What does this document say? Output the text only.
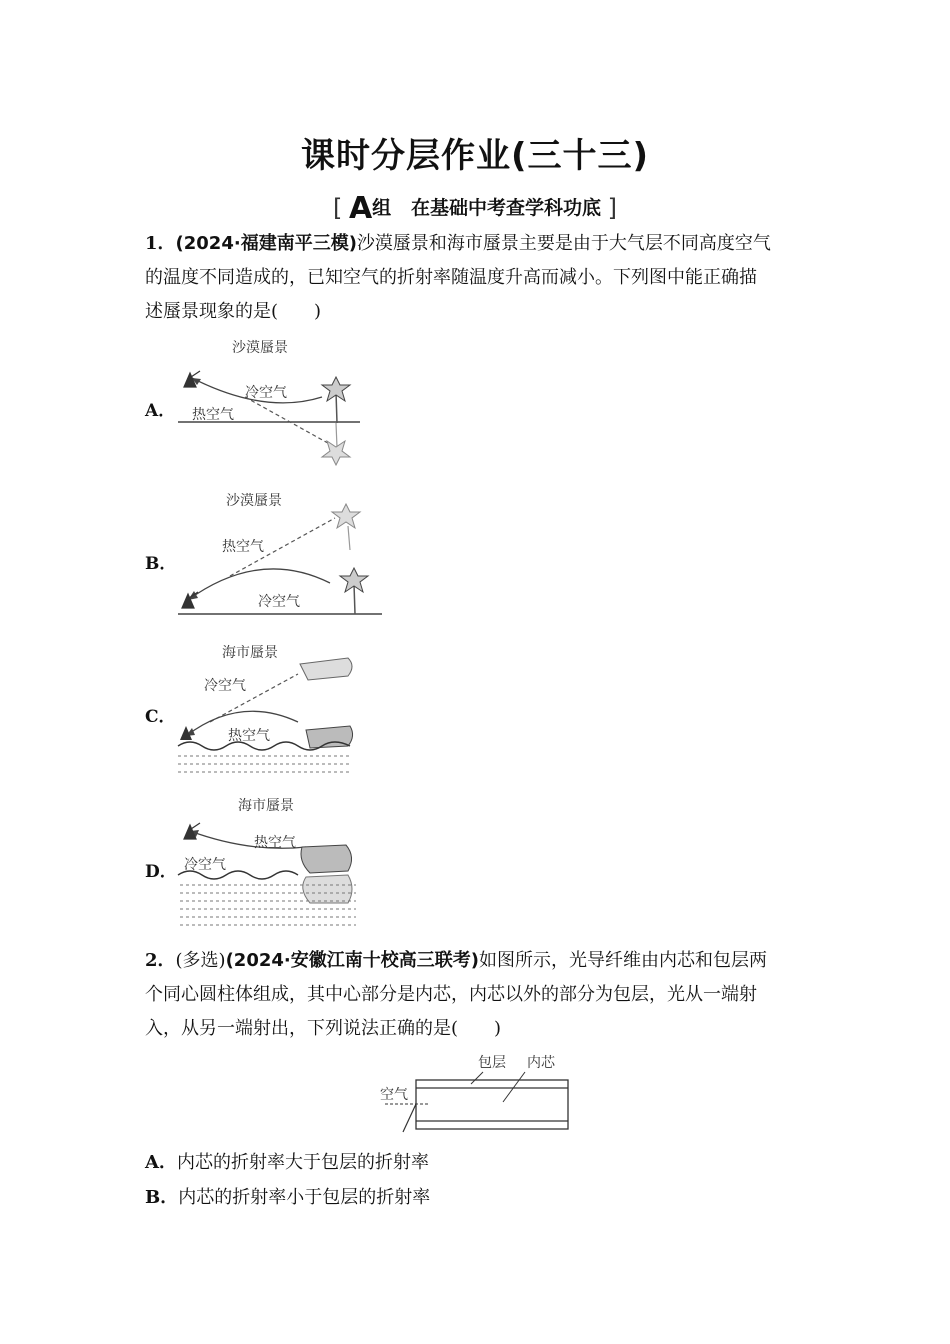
课时分层作业(三十三)
[ A组 在基础中考查学科功底 ]
1．(2024·福建南平三模)沙漠蜃景和海市蜃景主要是由于大气层不同高度空气
的温度不同造成的，已知空气的折射率随温度升高而减小。下列图中能正确描
述蜃景现象的是(　　)
A．
沙漠蜃景
冷空气
热空气
B．
沙漠蜃景
热空气
冷空气
C．
海市蜃景
冷空气
热空气
D．
海市蜃景
热空气
冷空气
2．(多选)(2024·安徽江南十校高三联考)如图所示，光导纤维由内芯和包层两
个同心圆柱体组成，其中心部分是内芯，内芯以外的部分为包层，光从一端射
入，从另一端射出，下列说法正确的是(　　)
包层 内芯
空气
A．内芯的折射率大于包层的折射率
B．内芯的折射率小于包层的折射率
